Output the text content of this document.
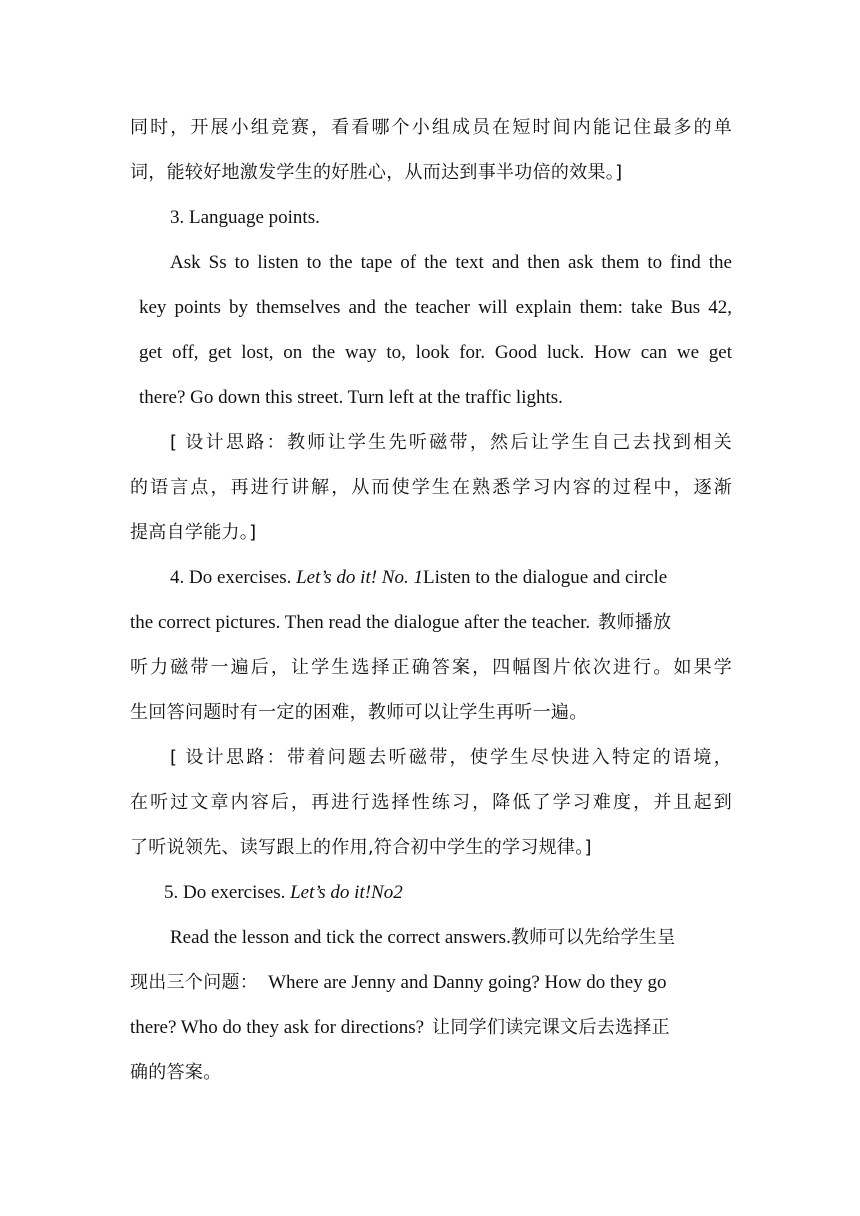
同时，开展小组竞赛，看看哪个小组成员在短时间内能记住最多的单
词，能较好地激发学生的好胜心，从而达到事半功倍的效果。]
3. Language points.
Ask Ss to listen to the tape of the text and then ask them to find the
key points by themselves and the teacher will explain them: take Bus 42,
get off, get lost, on the way to, look for. Good luck. How can we get
there? Go down this street. Turn left at the traffic lights.
[ 设计思路：教师让学生先听磁带，然后让学生自己去找到相关
的语言点，再进行讲解，从而使学生在熟悉学习内容的过程中，逐渐
提高自学能力。]
4. Do exercises. Let’s do it! No. 1Listen to the dialogue and circle
the correct pictures. Then read the dialogue after the teacher. 教师播放
听力磁带一遍后，让学生选择正确答案，四幅图片依次进行。如果学
生回答问题时有一定的困难，教师可以让学生再听一遍。
[ 设计思路：带着问题去听磁带，使学生尽快进入特定的语境，
在听过文章内容后，再进行选择性练习，降低了学习难度，并且起到
了听说领先、读写跟上的作用,符合初中学生的学习规律。]
5. Do exercises. Let’s do it!No2
Read the lesson and tick the correct answers.教师可以先给学生呈
现出三个问题： Where are Jenny and Danny going? How do they go
there? Who do they ask for directions? 让同学们读完课文后去选择正
确的答案。
